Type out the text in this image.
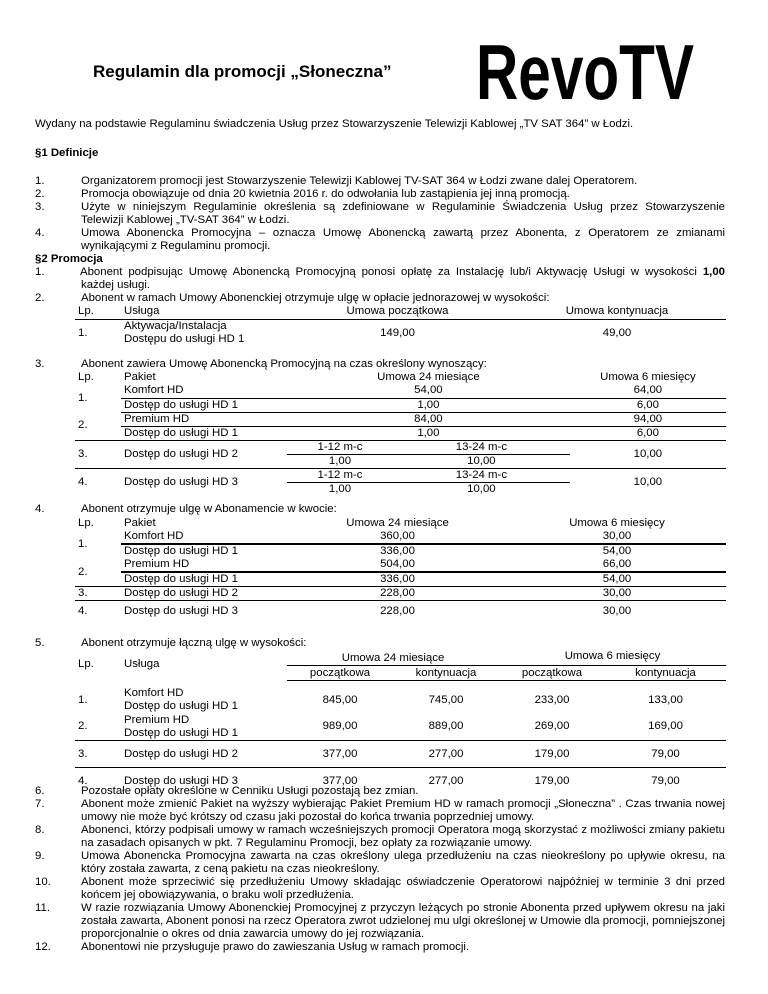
Regulamin dla promocji „Słoneczna” RevoTV
Wydany na podstawie Regulaminu świadczenia Usług przez Stowarzyszenie Telewizji Kablowej „TV SAT 364” w Łodzi.
§1 Definicje
1.	Organizatorem promocji jest Stowarzyszenie Telewizji Kablowej TV-SAT 364 w Łodzi zwane dalej Operatorem.
2.	Promocja obowiązuje od dnia 20 kwietnia 2016 r. do odwołania lub zastąpienia jej inną promocją.
3.	Użyte w niniejszym Regulaminie określenia są zdefiniowane w Regulaminie Świadczenia Usług przez Stowarzyszenie
Telewizji Kablowej „TV-SAT 364” w Łodzi.
4.	Umowa Abonencka Promocyjna – oznacza Umowę Abonencką zawartą przez Abonenta, z Operatorem ze zmianami
wynikającymi z Regulaminu promocji.
§2 Promocja
1.	Abonent podpisując Umowę Abonencką Promocyjną ponosi opłatę za Instalację lub/i Aktywację Usługi w wysokości 1,00
każdej usługi.
2.	Abonent w ramach Umowy Abonenckiej otrzymuje ulgę w opłacie jednorazowej w wysokości:
Lp.	Usługa	Umowa początkowa	Umowa kontynuacja
1.	Aktywacja/Instalacja
Dostępu do usługi HD 1	149,00	49,00
3.	Abonent zawiera Umowę Abonencką Promocyjną na czas określony wynoszący:
Lp.	Pakiet	Umowa 24 miesiące		Umowa 6 miesięcy
1.	Komfort HD	54,00		64,00
	Dostęp do usługi HD 1	1,00		6,00
2.	Premium HD	84,00		94,00
	Dostęp do usługi HD 1	1,00		6,00
3.	Dostęp do usługi HD 2	1-12 m-c	13-24 m-c	10,00
		1,00	10,00	
4.	Dostęp do usługi HD 3	1-12 m-c	13-24 m-c	10,00
		1,00	10,00	
4.	Abonent otrzymuje ulgę w Abonamencie w kwocie:
Lp.	Pakiet	Umowa 24 miesiące	Umowa 6 miesięcy
1.	Komfort HD	360,00	30,00
	Dostęp do usługi HD 1	336,00	54,00
2.	Premium HD	504,00	66,00
	Dostęp do usługi HD 1	336,00	54,00
3.	Dostęp do usługi HD 2	228,00	30,00
4.	Dostęp do usługi HD 3	228,00	30,00
5.	Abonent otrzymuje łączną ulgę w wysokości:
Lp.	Usługa	Umowa 24 miesiące		Umowa 6 miesięcy	
		początkowa	kontynuacja	początkowa	kontynuacja

1.	Komfort HD
Dostęp do usługi HD 1	845,00	745,00	233,00	133,00
2.	Premium HD
Dostęp do usługi HD 1	989,00	889,00	269,00	169,00
3.	Dostęp do usługi HD 2	377,00	277,00	179,00	79,00
4.	Dostęp do usługi HD 3	377,00	277,00	179,00	79,00
6.	Pozostałe opłaty określone w Cenniku Usługi pozostają bez zmian.
7.	Abonent może zmienić Pakiet na wyższy wybierając Pakiet Premium HD w ramach promocji „Słoneczna” . Czas trwania nowej umowy nie może być krótszy od czasu jaki pozostał do końca trwania poprzedniej umowy.
8.	Abonenci, którzy podpisali umowy w ramach wcześniejszych promocji Operatora mogą skorzystać z możliwości zmiany pakietu na zasadach opisanych w pkt. 7 Regulaminu Promocji, bez opłaty za rozwiązanie umowy.
9.	Umowa Abonencka Promocyjna zawarta na czas określony ulega przedłużeniu na czas nieokreślony po upływie okresu, na który została zawarta, z ceną pakietu na czas nieokreślony.
10.	Abonent może sprzeciwić się przedłużeniu Umowy składając oświadczenie Operatorowi najpóźniej w terminie 3 dni przed końcem jej obowiązywania, o braku woli przedłużenia.
11.	W razie rozwiązania Umowy Abonenckiej Promocyjnej z przyczyn leżących po stronie Abonenta przed upływem okresu na jaki została zawarta, Abonent ponosi na rzecz Operatora zwrot udzielonej mu ulgi określonej w Umowie dla promocji, pomniejszonej proporcjonalnie o okres od dnia zawarcia umowy do jej rozwiązania.
12.	Abonentowi nie przysługuje prawo do zawieszania Usług w ramach promocji.
